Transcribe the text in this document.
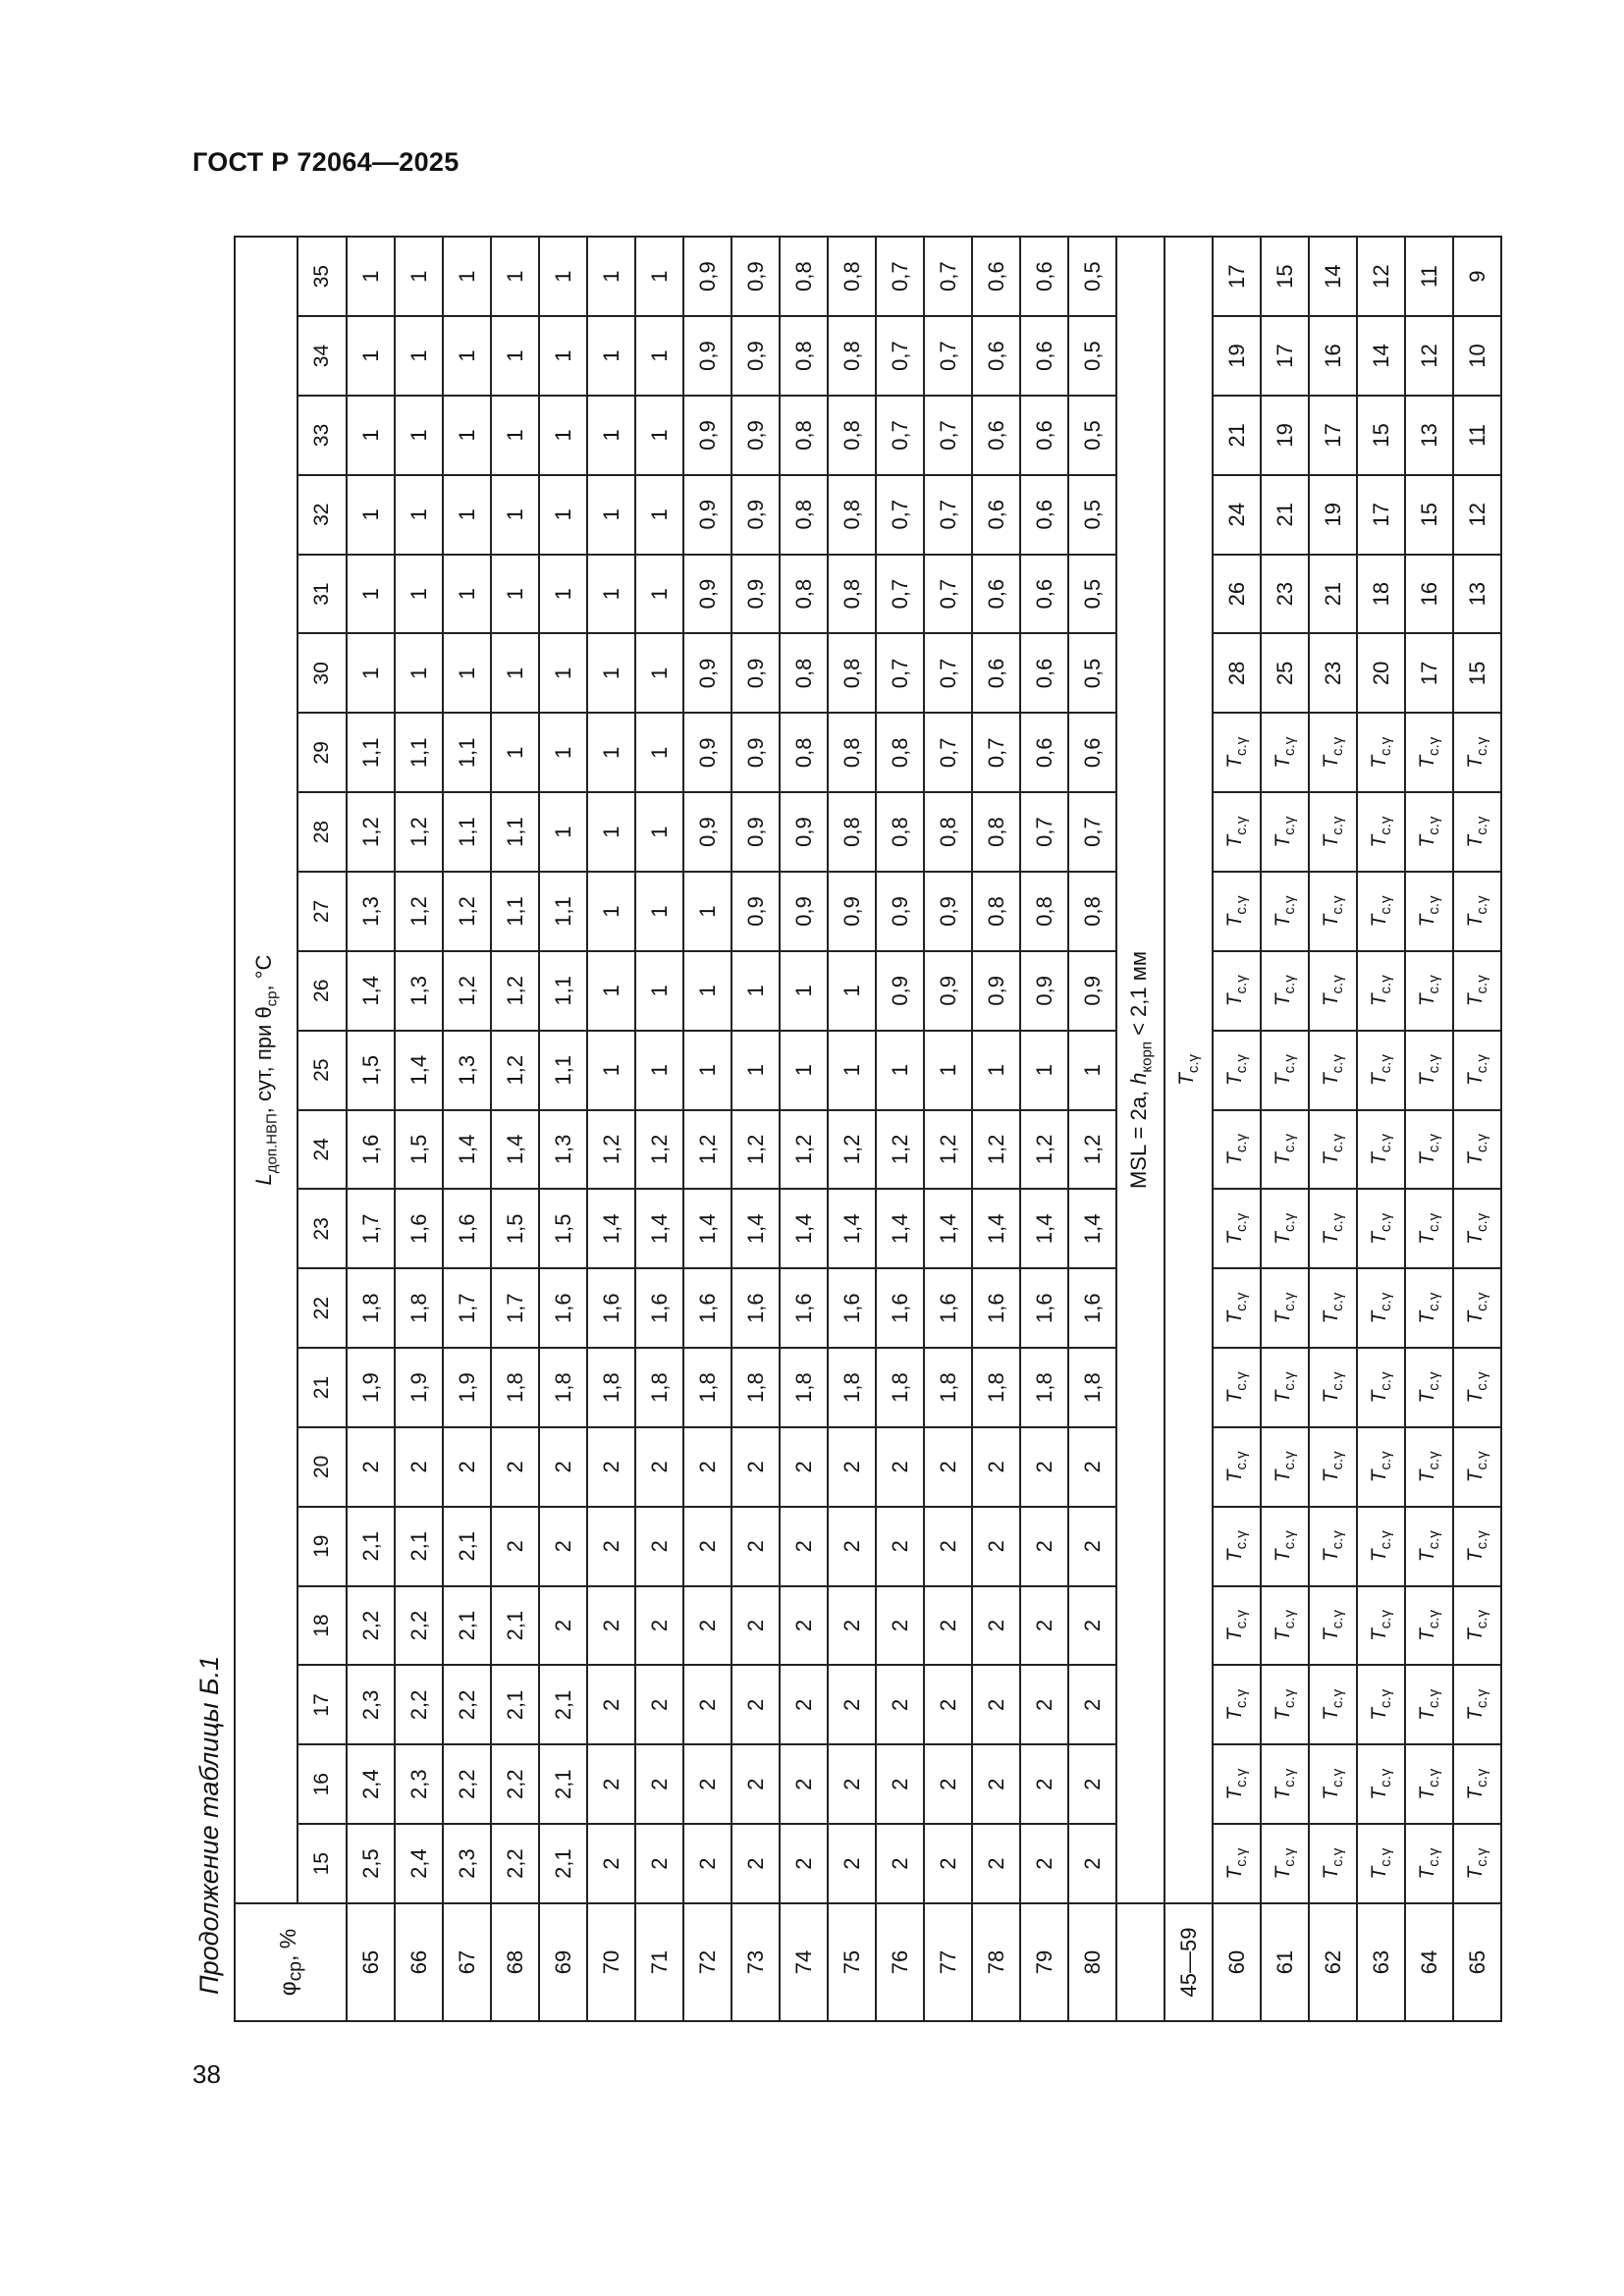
ГОСТ Р 72064—2025
Продолжение таблицы Б.1
38
$\varphi_{ср}$, %	$L_{доп.НВП}$, сут, при $\theta_{ср}$, °С																				
	15	16	17	18	19	20	21	22	23	24	25	26	27	28	29	30	31	32	33	34	35
65	2,5	2,4	2,3	2,2	2,1	2	1,9	1,8	1,7	1,6	1,5	1,4	1,3	1,2	1,1	1	1	1	1	1	1
66	2,4	2,3	2,2	2,2	2,1	2	1,9	1,8	1,6	1,5	1,4	1,3	1,2	1,2	1,1	1	1	1	1	1	1
67	2,3	2,2	2,2	2,1	2,1	2	1,9	1,7	1,6	1,4	1,3	1,2	1,2	1,1	1,1	1	1	1	1	1	1
68	2,2	2,2	2,1	2,1	2	2	1,8	1,7	1,5	1,4	1,2	1,2	1,1	1,1	1	1	1	1	1	1	1
69	2,1	2,1	2,1	2	2	2	1,8	1,6	1,5	1,3	1,1	1,1	1,1	1	1	1	1	1	1	1	1
70	2	2	2	2	2	2	1,8	1,6	1,4	1,2	1	1	1	1	1	1	1	1	1	1	1
71	2	2	2	2	2	2	1,8	1,6	1,4	1,2	1	1	1	1	1	1	1	1	1	1	1
72	2	2	2	2	2	2	1,8	1,6	1,4	1,2	1	1	1	0,9	0,9	0,9	0,9	0,9	0,9	0,9	0,9
73	2	2	2	2	2	2	1,8	1,6	1,4	1,2	1	1	0,9	0,9	0,9	0,9	0,9	0,9	0,9	0,9	0,9
74	2	2	2	2	2	2	1,8	1,6	1,4	1,2	1	1	0,9	0,9	0,8	0,8	0,8	0,8	0,8	0,8	0,8
75	2	2	2	2	2	2	1,8	1,6	1,4	1,2	1	1	0,9	0,8	0,8	0,8	0,8	0,8	0,8	0,8	0,8
76	2	2	2	2	2	2	1,8	1,6	1,4	1,2	1	0,9	0,9	0,8	0,8	0,7	0,7	0,7	0,7	0,7	0,7
77	2	2	2	2	2	2	1,8	1,6	1,4	1,2	1	0,9	0,9	0,8	0,7	0,7	0,7	0,7	0,7	0,7	0,7
78	2	2	2	2	2	2	1,8	1,6	1,4	1,2	1	0,9	0,8	0,8	0,7	0,6	0,6	0,6	0,6	0,6	0,6
79	2	2	2	2	2	2	1,8	1,6	1,4	1,2	1	0,9	0,8	0,7	0,6	0,6	0,6	0,6	0,6	0,6	0,6
80	2	2	2	2	2	2	1,8	1,6	1,4	1,2	1	0,9	0,8	0,7	0,6	0,5	0,5	0,5	0,5	0,5	0,5
	MSL = 2a, $h_{корп} < 2,1$ мм																				
45—59	$T_{с.\gamma}$
60	$T_{с.\gamma}$	$T_{с.\gamma}$	$T_{с.\gamma}$	$T_{с.\gamma}$	$T_{с.\gamma}$	$T_{с.\gamma}$	$T_{с.\gamma}$	$T_{с.\gamma}$	$T_{с.\gamma}$	$T_{с.\gamma}$	$T_{с.\gamma}$	$T_{с.\gamma}$	$T_{с.\gamma}$	$T_{с.\gamma}$	$T_{с.\gamma}$	28	26	24	21	19	17
61	$T_{с.\gamma}$	$T_{с.\gamma}$	$T_{с.\gamma}$	$T_{с.\gamma}$	$T_{с.\gamma}$	$T_{с.\gamma}$	$T_{с.\gamma}$	$T_{с.\gamma}$	$T_{с.\gamma}$	$T_{с.\gamma}$	$T_{с.\gamma}$	$T_{с.\gamma}$	$T_{с.\gamma}$	$T_{с.\gamma}$	$T_{с.\gamma}$	25	23	21	19	17	15
62	$T_{с.\gamma}$	$T_{с.\gamma}$	$T_{с.\gamma}$	$T_{с.\gamma}$	$T_{с.\gamma}$	$T_{с.\gamma}$	$T_{с.\gamma}$	$T_{с.\gamma}$	$T_{с.\gamma}$	$T_{с.\gamma}$	$T_{с.\gamma}$	$T_{с.\gamma}$	$T_{с.\gamma}$	$T_{с.\gamma}$	$T_{с.\gamma}$	23	21	19	17	16	14
63	$T_{с.\gamma}$	$T_{с.\gamma}$	$T_{с.\gamma}$	$T_{с.\gamma}$	$T_{с.\gamma}$	$T_{с.\gamma}$	$T_{с.\gamma}$	$T_{с.\gamma}$	$T_{с.\gamma}$	$T_{с.\gamma}$	$T_{с.\gamma}$	$T_{с.\gamma}$	$T_{с.\gamma}$	$T_{с.\gamma}$	$T_{с.\gamma}$	20	18	17	15	14	12
64	$T_{с.\gamma}$	$T_{с.\gamma}$	$T_{с.\gamma}$	$T_{с.\gamma}$	$T_{с.\gamma}$	$T_{с.\gamma}$	$T_{с.\gamma}$	$T_{с.\gamma}$	$T_{с.\gamma}$	$T_{с.\gamma}$	$T_{с.\gamma}$	$T_{с.\gamma}$	$T_{с.\gamma}$	$T_{с.\gamma}$	$T_{с.\gamma}$	17	16	15	13	12	11
65	$T_{с.\gamma}$	$T_{с.\gamma}$	$T_{с.\gamma}$	$T_{с.\gamma}$	$T_{с.\gamma}$	$T_{с.\gamma}$	$T_{с.\gamma}$	$T_{с.\gamma}$	$T_{с.\gamma}$	$T_{с.\gamma}$	$T_{с.\gamma}$	$T_{с.\gamma}$	$T_{с.\gamma}$	$T_{с.\gamma}$	$T_{с.\gamma}$	15	13	12	11	10	9
